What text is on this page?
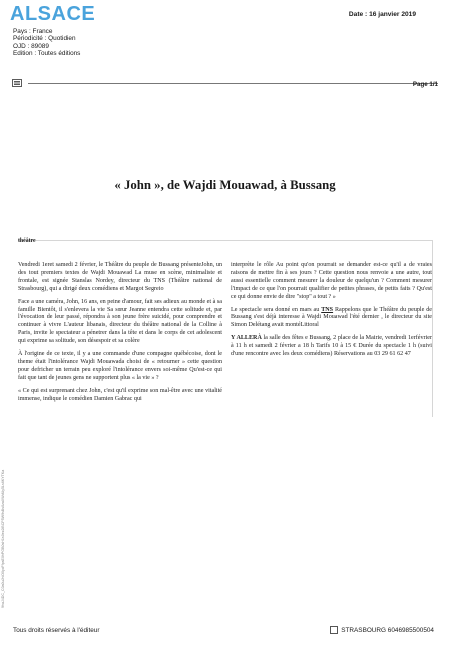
ALSACE	Date : 16 janvier 2019
Pays : France
Périodicité : Quotidien
OJD : 89089
Edition : Toutes éditions
Page 1/1
« John », de Wajdi Mouawad, à Bussang
théâtre

Vendredi 1eret samedi 2 février, le Théâtre du peuple de Bussang présenteJohn, un des tout premiers textes de Wajdi Mouawad La muse en scène, minimaliste et frontale, est signée Stanslas Nordey, directeur du TNS (Théâtre national de Strasbourg), qui a dirigé deux comédiens et Margot Segreio

Face a une caméra, John, 16 ans, en peine d'amour, fait ses adieux au monde et à sa famille Bientôt, il s'enlevera la vie Sa sœur Jeanne entendra cette solitude et, par l'évocation de leur passé, répondra à son jeune frère suicidé, pour comprendre et continuer à vivre L'auteur libanais, directeur du théâtre national de la Colline à Paris, invite le spectateur a pénetrer dans la tête et dans le corps de cet adolescent qui exprime sa solitude, son désespoir et sa colère

À l'origine de ce texte, il y a une commande d'une compagne québécoise, dont le theme était l'intolérance Wajdi Mouawada choisi de « retourner » cette question pour defricher un terrain peu exploré l'intolérance envers soi-même Qu'est-ce qui fait que tant de jeunes gens ne supportent plus « la vie » ?

« Ce qui est surprenant chez John, c'est qu'il exprime son mal-être avec une vitalité immense, indique le comédien Damien Gabrac qui

interprète le rôle Au point qu'on pourrait se demander est-ce qu'il a de vraies raisons de mettre fin à ses jours ? Cette question nous renvoie a une autre, tout aussi essentielle comment mesurer la douleur de quelqu'un ? Comment mesurer l'impact de ce que l'on pourrait qualifier de petites phrases, de petits faits ? Qu'est ce qui donne envie de dire "stop" a tout ? »

Le spectacle sera donné en mars au TNS Rappelons que le Théâtre du peuple de Bussang s'est déjà interesse à Wajdi Mouawad l'été dernier , le directeur du site Simon Delétang avait montéLittoral

Y ALLERÀ la salle des fêtes e Bussang, 2 place de la Mairie, vendredi 1erfévrier à 11 h et samedi 2 février a 18 h Tarifs 10 à 15 € Durée du spectacle 1 h (suivi d'une rencontre avec les deux comédiens) Réservations au 03 29 61 62 47

9haJ4DC_C0a0uJhiO0ycFfpsE0hPGB0sH1s0ez2iBCP5W9sBs0zaXWdUy5Ls6KYTKa
Tous droits réservés à l'éditeur	STRASBOURG 6046985500504
